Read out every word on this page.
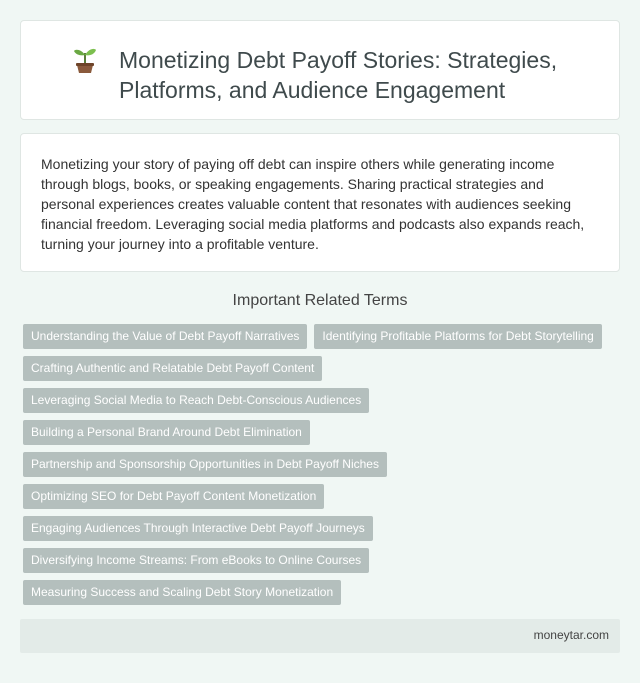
Monetizing Debt Payoff Stories: Strategies, Platforms, and Audience Engagement

Monetizing your story of paying off debt can inspire others while generating income through blogs, books, or speaking engagements. Sharing practical strategies and personal experiences creates valuable content that resonates with audiences seeking financial freedom. Leveraging social media platforms and podcasts also expands reach, turning your journey into a profitable venture.

Important Related Terms
Understanding the Value of Debt Payoff Narratives	Identifying Profitable Platforms for Debt Storytelling
Crafting Authentic and Relatable Debt Payoff Content
Leveraging Social Media to Reach Debt-Conscious Audiences
Building a Personal Brand Around Debt Elimination
Partnership and Sponsorship Opportunities in Debt Payoff Niches
Optimizing SEO for Debt Payoff Content Monetization
Engaging Audiences Through Interactive Debt Payoff Journeys
Diversifying Income Streams: From eBooks to Online Courses
Measuring Success and Scaling Debt Story Monetization
moneytar.com
